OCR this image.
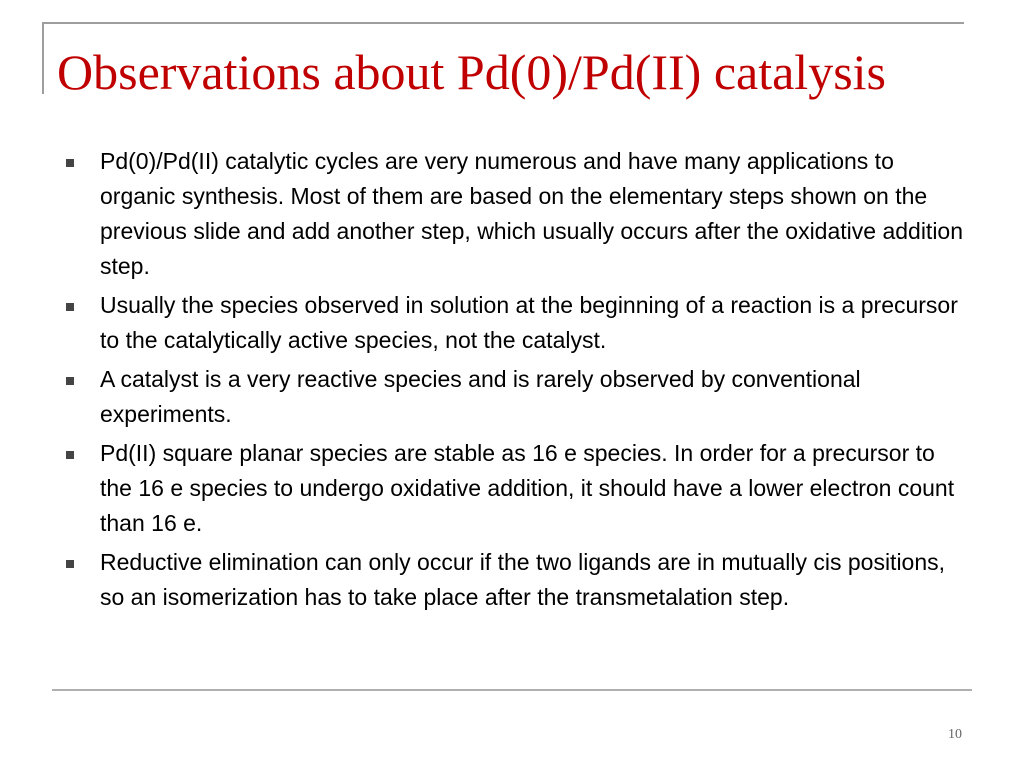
Observations about Pd(0)/Pd(II) catalysis
Pd(0)/Pd(II) catalytic cycles are very numerous and have many applications to organic synthesis. Most of them are based on the elementary steps shown on the previous slide and add another step, which usually occurs after the oxidative addition step.
Usually the species observed in solution at the beginning of a reaction is a precursor to the catalytically active species, not the catalyst.
A catalyst is a very reactive species and is rarely observed by conventional experiments.
Pd(II) square planar species are stable as 16 e species. In order for a precursor to the 16 e species to undergo oxidative addition, it should have a lower electron count than 16 e.
Reductive elimination can only occur if the two ligands are in mutually cis positions, so an isomerization has to take place after the transmetalation step.
10
